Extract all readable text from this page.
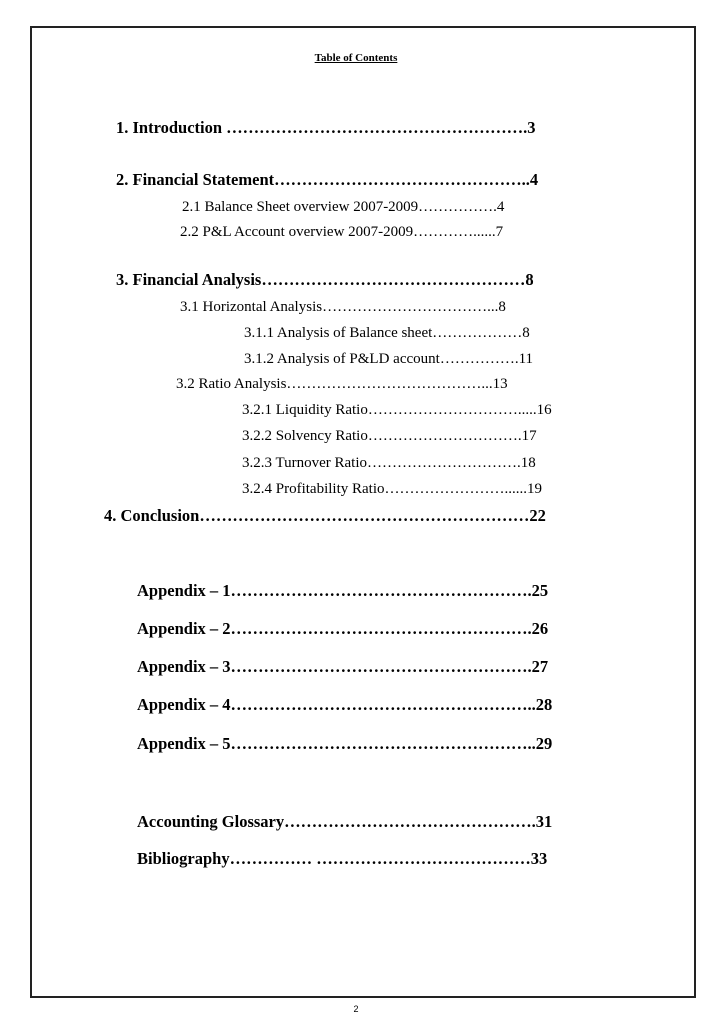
Table of Contents
1. Introduction ……………………………………………….3
2. Financial Statement………………………………………..4
2.1 Balance Sheet overview 2007-2009…………….4
2.2 P&L Account overview 2007-2009…………......7
3. Financial Analysis…………………………………………8
3.1 Horizontal Analysis……………………………...8
3.1.1 Analysis of Balance sheet………………8
3.1.2 Analysis of P&LD account…………….11
3.2 Ratio Analysis…………………………………...13
3.2.1 Liquidity Ratio………………………….....16
3.2.2 Solvency Ratio………………………….17
3.2.3 Turnover Ratio………………………….18
3.2.4 Profitability Ratio……………………......19
4. Conclusion……………………………………………………22
Appendix – 1……………………………………………….25
Appendix – 2……………………………………………….26
Appendix – 3……………………………………………….27
Appendix – 4………………………………………………..28
Appendix – 5………………………………………………..29
Accounting Glossary……………………………………….31
Bibliography…………… …………………………………33
2
